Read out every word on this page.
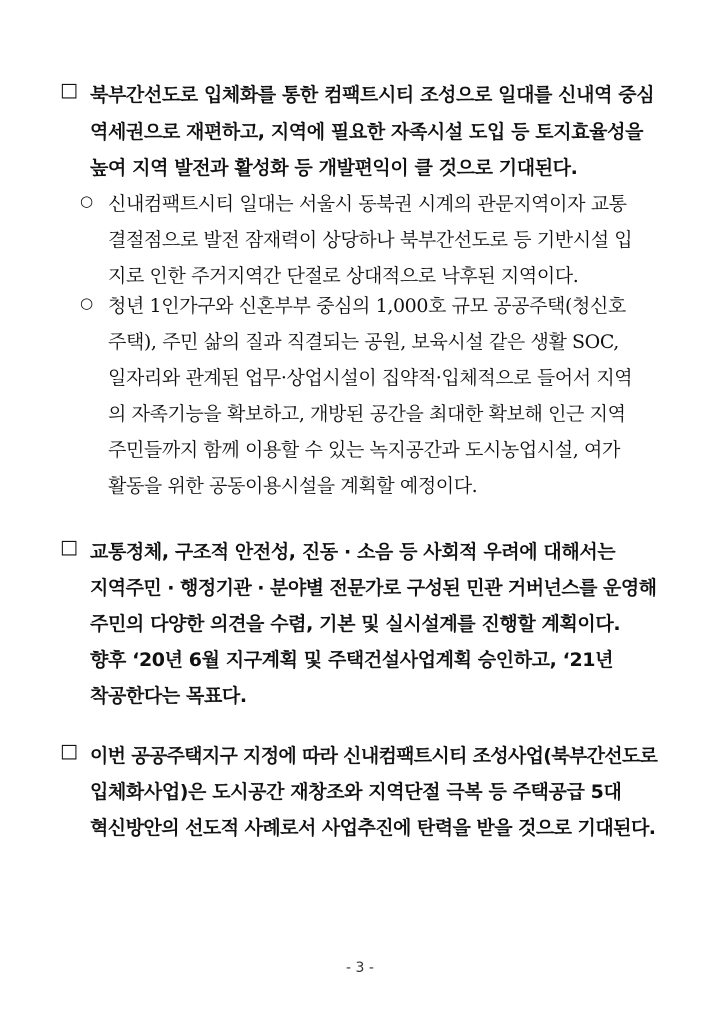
□ 북부간선도로 입체화를 통한 컴팩트시티 조성으로 일대를 신내역 중심
역세권으로 재편하고, 지역에 필요한 자족시설 도입 등 토지효율성을
높여 지역 발전과 활성화 등 개발편익이 클 것으로 기대된다.
○ 신내컴팩트시티 일대는 서울시 동북권 시계의 관문지역이자 교통
결절점으로 발전 잠재력이 상당하나 북부간선도로 등 기반시설 입
지로 인한 주거지역간 단절로 상대적으로 낙후된 지역이다.
○ 청년 1인가구와 신혼부부 중심의 1,000호 규모 공공주택(청신호
주택), 주민 삶의 질과 직결되는 공원, 보육시설 같은 생활 SOC,
일자리와 관계된 업무·상업시설이 집약적·입체적으로 들어서 지역
의 자족기능을 확보하고, 개방된 공간을 최대한 확보해 인근 지역
주민들까지 함께 이용할 수 있는 녹지공간과 도시농업시설, 여가
활동을 위한 공동이용시설을 계획할 예정이다.
□ 교통정체, 구조적 안전성, 진동 · 소음 등 사회적 우려에 대해서는
지역주민 · 행정기관 · 분야별 전문가로 구성된 민관 거버넌스를 운영해
주민의 다양한 의견을 수렴, 기본 및 실시설계를 진행할 계획이다.
향후 ‘20년 6월 지구계획 및 주택건설사업계획 승인하고, ‘21년
착공한다는 목표다.
□ 이번 공공주택지구 지정에 따라 신내컴팩트시티 조성사업(북부간선도로
입체화사업)은 도시공간 재창조와 지역단절 극복 등 주택공급 5대
혁신방안의 선도적 사례로서 사업추진에 탄력을 받을 것으로 기대된다.
- 3 -
